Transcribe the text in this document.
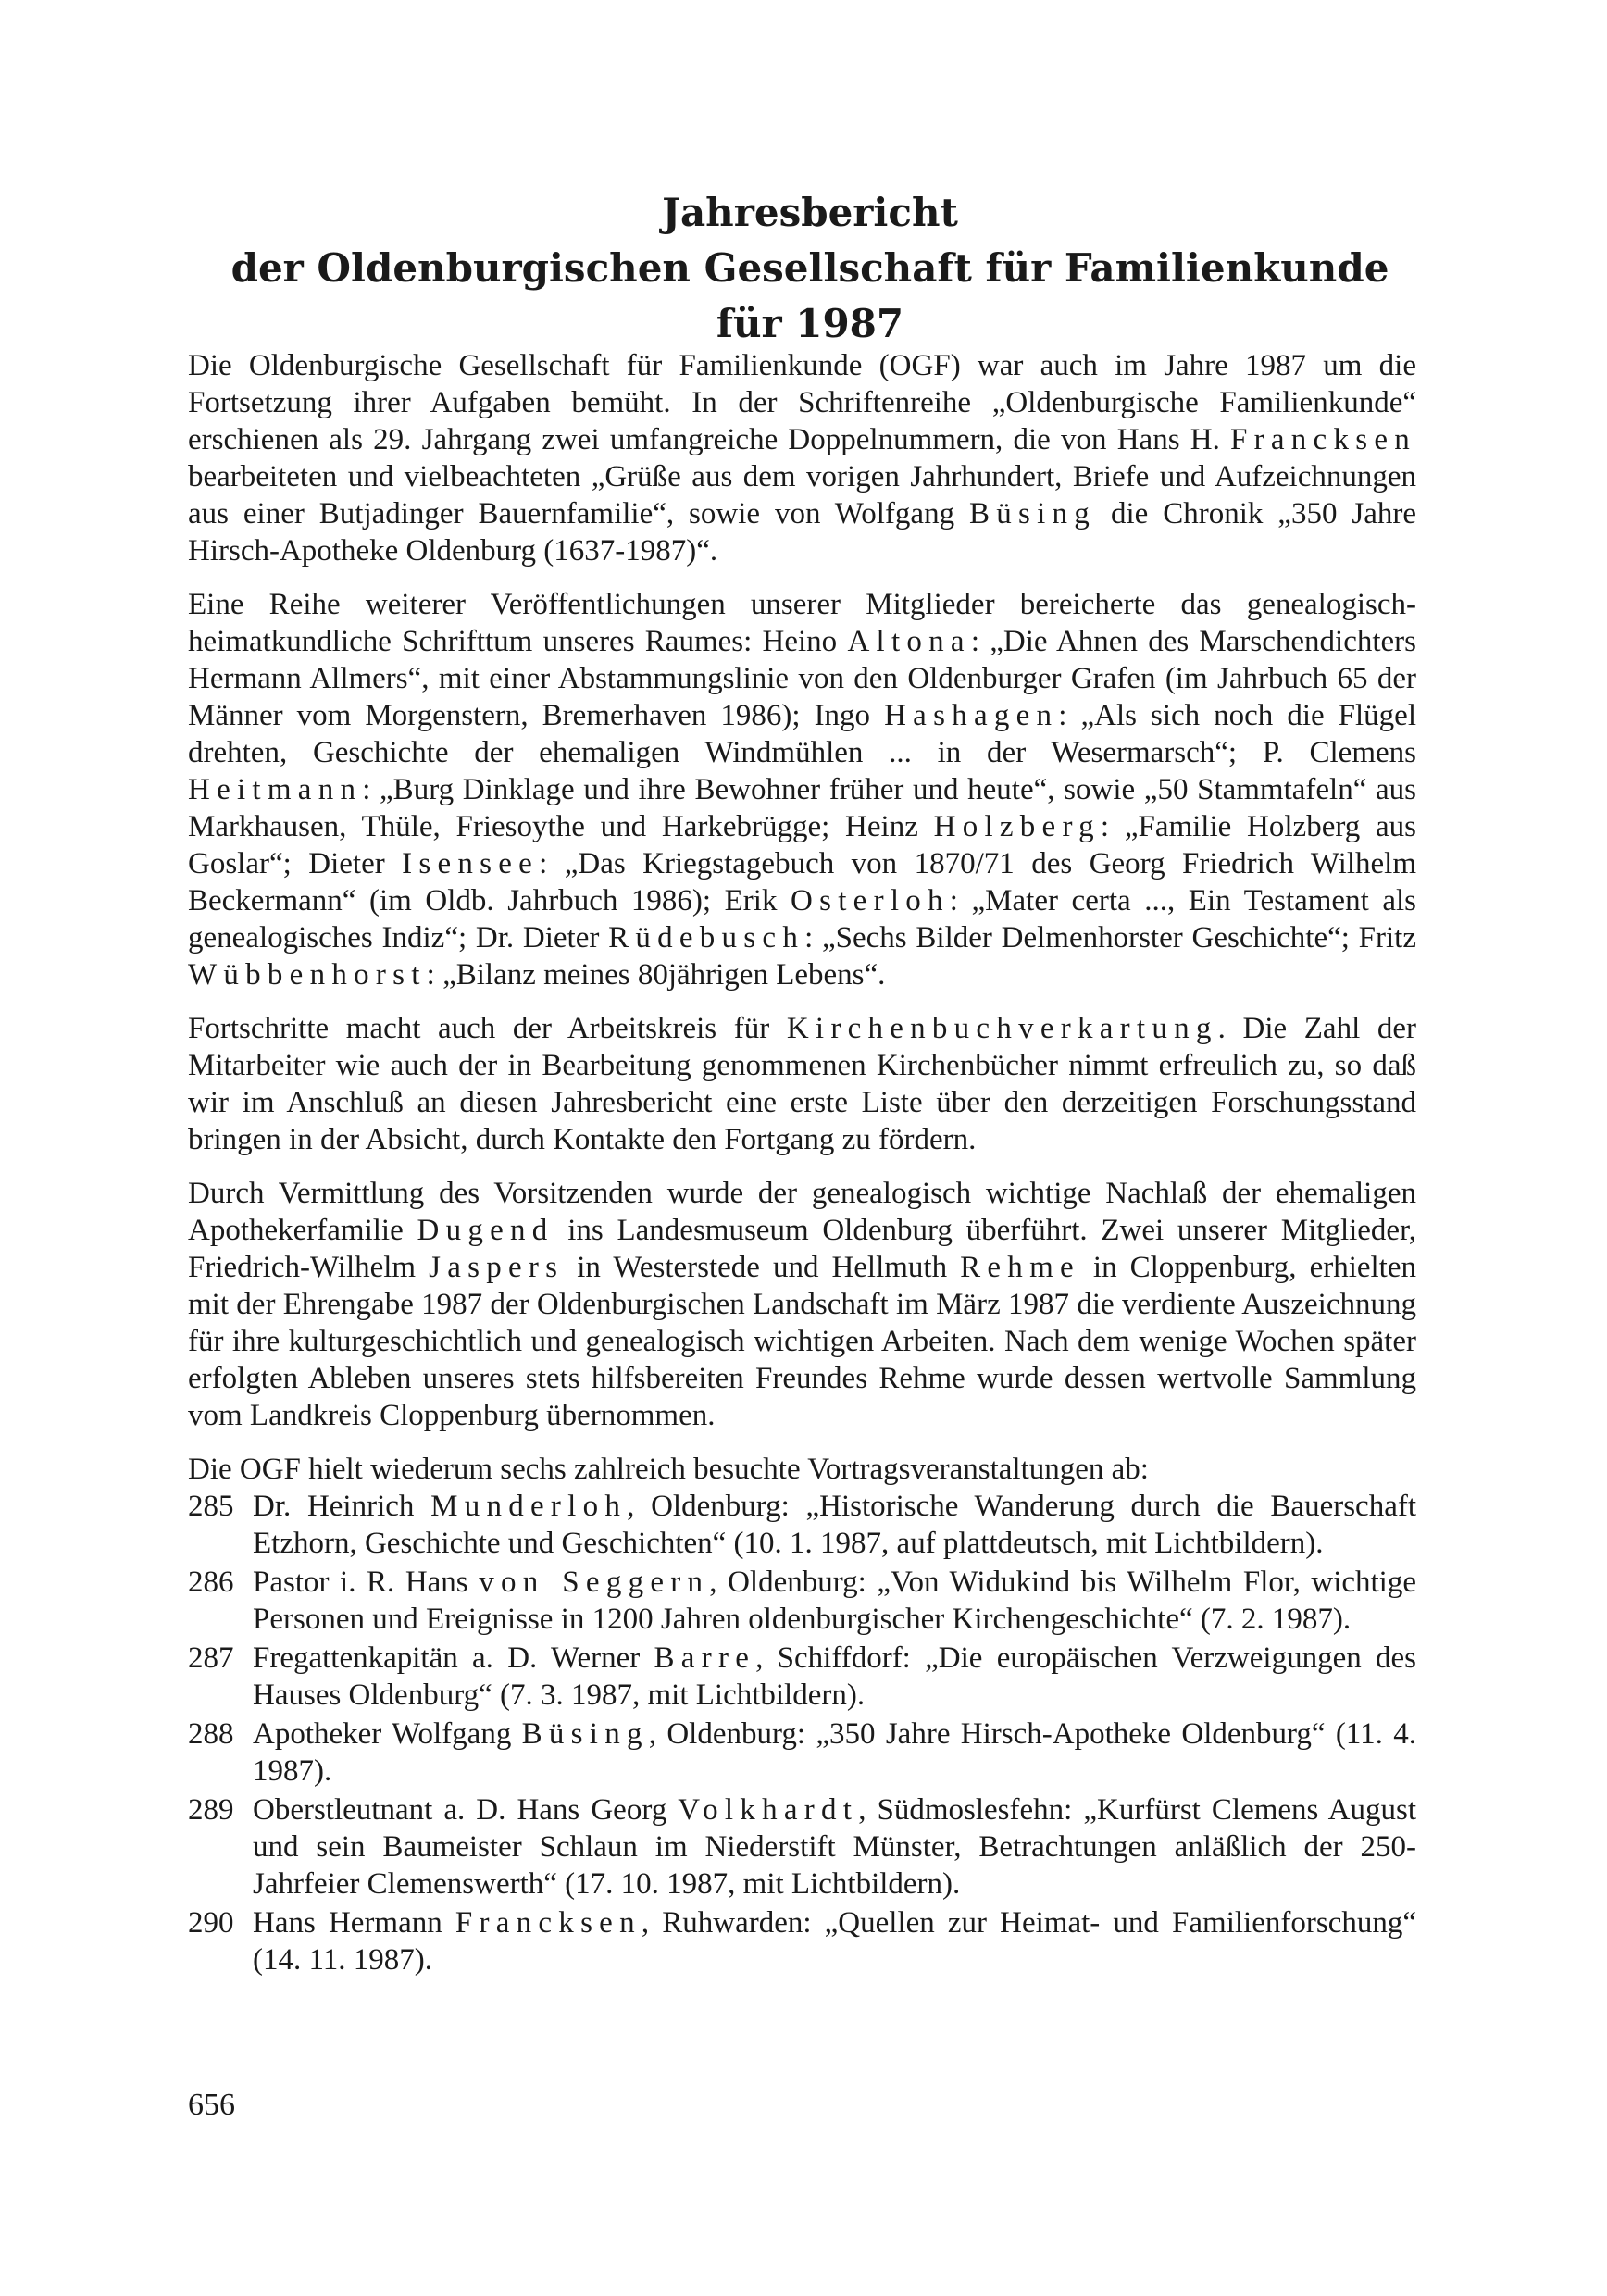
Jahresbericht
der Oldenburgischen Gesellschaft für Familienkunde
für 1987

Die Oldenburgische Gesellschaft für Familienkunde (OGF) war auch im Jahre 1987 um die Fortsetzung ihrer Aufgaben bemüht. In der Schriftenreihe „Oldenburgische Familienkunde“ erschienen als 29. Jahrgang zwei umfangreiche Doppelnummern, die von Hans H. Francksen bearbeiteten und vielbeachteten „Grüße aus dem vorigen Jahrhundert, Briefe und Aufzeichnungen aus einer Butjadinger Bauernfamilie“, sowie von Wolfgang Büsing die Chronik „350 Jahre Hirsch-Apotheke Oldenburg (1637-1987)“.

Eine Reihe weiterer Veröffentlichungen unserer Mitglieder bereicherte das genealogisch-heimatkundliche Schrifttum unseres Raumes: Heino Altona: „Die Ahnen des Marschendichters Hermann Allmers“, mit einer Abstammungslinie von den Oldenburger Grafen (im Jahrbuch 65 der Männer vom Morgenstern, Bremerhaven 1986); Ingo Hashagen: „Als sich noch die Flügel drehten, Geschichte der ehemaligen Windmühlen ... in der Wesermarsch“; P. Clemens Heitmann: „Burg Dinklage und ihre Bewohner früher und heute“, sowie „50 Stammtafeln“ aus Markhausen, Thüle, Friesoythe und Harkebrügge; Heinz Holzberg: „Familie Holzberg aus Goslar“; Dieter Isensee: „Das Kriegstagebuch von 1870/71 des Georg Friedrich Wilhelm Beckermann“ (im Oldb. Jahrbuch 1986); Erik Osterloh: „Mater certa ..., Ein Testament als genealogisches Indiz“; Dr. Dieter Rüdebusch: „Sechs Bilder Delmenhorster Geschichte“; Fritz Wübbenhorst: „Bilanz meines 80jährigen Lebens“.

Fortschritte macht auch der Arbeitskreis für Kirchenbuchverkartung. Die Zahl der Mitarbeiter wie auch der in Bearbeitung genommenen Kirchenbücher nimmt erfreulich zu, so daß wir im Anschluß an diesen Jahresbericht eine erste Liste über den derzeitigen Forschungsstand bringen in der Absicht, durch Kontakte den Fortgang zu fördern.

Durch Vermittlung des Vorsitzenden wurde der genealogisch wichtige Nachlaß der ehemaligen Apothekerfamilie Dugend ins Landesmuseum Oldenburg überführt. Zwei unserer Mitglieder, Friedrich-Wilhelm Jaspers in Westerstede und Hellmuth Rehme in Cloppenburg, erhielten mit der Ehrengabe 1987 der Oldenburgischen Landschaft im März 1987 die verdiente Auszeichnung für ihre kulturgeschichtlich und genealogisch wichtigen Arbeiten. Nach dem wenige Wochen später erfolgten Ableben unseres stets hilfsbereiten Freundes Rehme wurde dessen wertvolle Sammlung vom Landkreis Cloppenburg übernommen.

Die OGF hielt wiederum sechs zahlreich besuchte Vortragsveranstaltungen ab:

285 Dr. Heinrich Munderloh, Oldenburg: „Historische Wanderung durch die Bauerschaft Etzhorn, Geschichte und Geschichten“ (10. 1. 1987, auf plattdeutsch, mit Lichtbildern).
286 Pastor i. R. Hans von Seggern, Oldenburg: „Von Widukind bis Wilhelm Flor, wichtige Personen und Ereignisse in 1200 Jahren oldenburgischer Kirchengeschichte“ (7. 2. 1987).
287 Fregattenkapitän a. D. Werner Barre, Schiffdorf: „Die europäischen Verzweigungen des Hauses Oldenburg“ (7. 3. 1987, mit Lichtbildern).
288 Apotheker Wolfgang Büsing, Oldenburg: „350 Jahre Hirsch-Apotheke Oldenburg“ (11. 4. 1987).
289 Oberstleutnant a. D. Hans Georg Volkhardt, Südmoslesfehn: „Kurfürst Clemens August und sein Baumeister Schlaun im Niederstift Münster, Betrachtungen anläßlich der 250-Jahrfeier Clemenswerth“ (17. 10. 1987, mit Lichtbildern).
290 Hans Hermann Francksen, Ruhwarden: „Quellen zur Heimat- und Familienforschung“ (14. 11. 1987).
656
